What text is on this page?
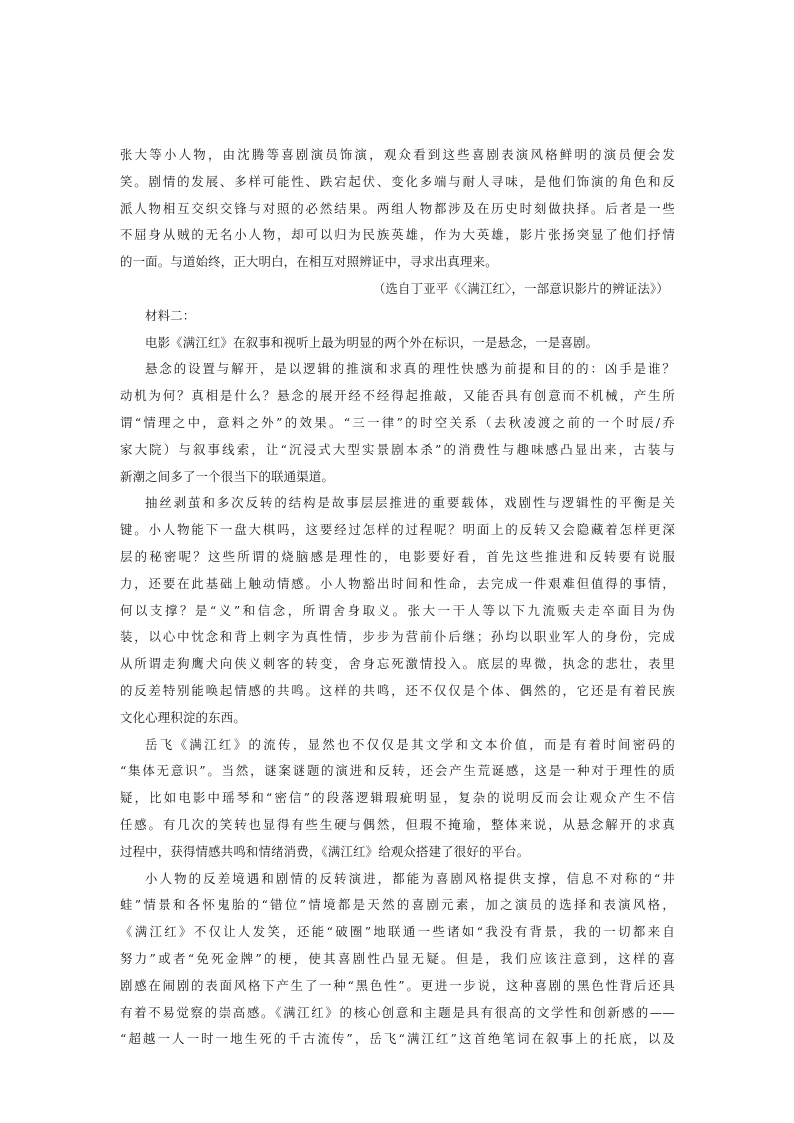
张大等小人物，由沈腾等喜剧演员饰演，观众看到这些喜剧表演风格鲜明的演员便会发
笑。剧情的发展、多样可能性、跌宕起伏、变化多端与耐人寻味，是他们饰演的角色和反
派人物相互交织交锋与对照的必然结果。两组人物都涉及在历史时刻做抉择。后者是一些
不屈身从贼的无名小人物，却可以归为民族英雄，作为大英雄，影片张扬突显了他们抒情
的一面。与道始终，正大明白，在相互对照辨证中，寻求出真理来。
（选自丁亚平《〈满江红〉，一部意识影片的辨证法》）
材料二：
电影《满江红》在叙事和视听上最为明显的两个外在标识，一是悬念，一是喜剧。
悬念的设置与解开，是以逻辑的推演和求真的理性快感为前提和目的的：凶手是谁？
动机为何？真相是什么？悬念的展开经不经得起推敲，又能否具有创意而不机械，产生所
谓“情理之中，意料之外”的效果。“三一律”的时空关系（去秋凌渡之前的一个时辰/乔
家大院）与叙事线索，让“沉浸式大型实景剧本杀”的消费性与趣味感凸显出来，古装与
新潮之间多了一个很当下的联通渠道。
抽丝剥茧和多次反转的结构是故事层层推进的重要载体，戏剧性与逻辑性的平衡是关
键。小人物能下一盘大棋吗，这要经过怎样的过程呢？明面上的反转又会隐藏着怎样更深
层的秘密呢？这些所谓的烧脑感是理性的，电影要好看，首先这些推进和反转要有说服
力，还要在此基础上触动情感。小人物豁出时间和性命，去完成一件艰难但值得的事情，
何以支撑？是“义”和信念，所谓舍身取义。张大一干人等以下九流贩夫走卒面目为伪
装，以心中忱念和背上刺字为真性情，步步为营前仆后继；孙均以职业军人的身份，完成
从所谓走狗鹰犬向侠义刺客的转变，舍身忘死激情投入。底层的卑微，执念的悲壮，表里
的反差特别能唤起情感的共鸣。这样的共鸣，还不仅仅是个体、偶然的，它还是有着民族
文化心理积淀的东西。
岳飞《满江红》的流传，显然也不仅仅是其文学和文本价值，而是有着时间密码的
“集体无意识”。当然，谜案谜题的演进和反转，还会产生荒诞感，这是一种对于理性的质
疑，比如电影中瑶琴和“密信”的段落逻辑瑕疵明显，复杂的说明反而会让观众产生不信
任感。有几次的笑转也显得有些生硬与偶然，但瑕不掩瑜，整体来说，从悬念解开的求真
过程中，获得情感共鸣和情绪消费，《满江红》给观众搭建了很好的平台。
小人物的反差境遇和剧情的反转演进，都能为喜剧风格提供支撑，信息不对称的“井
蛙”情景和各怀鬼胎的“错位”情境都是天然的喜剧元素，加之演员的选择和表演风格，
《满江红》不仅让人发笑，还能“破圈”地联通一些诸如“我没有背景，我的一切都来自
努力”或者“免死金牌”的梗，使其喜剧性凸显无疑。但是，我们应该注意到，这样的喜
剧感在闹剧的表面风格下产生了一种“黑色性”。更进一步说，这种喜剧的黑色性背后还具
有着不易觉察的崇高感。《满江红》的核心创意和主题是具有很高的文学性和创新感的——
“超越一人一时一地生死的千古流传”，岳飞“满江红”这首绝笔词在叙事上的托底，以及
